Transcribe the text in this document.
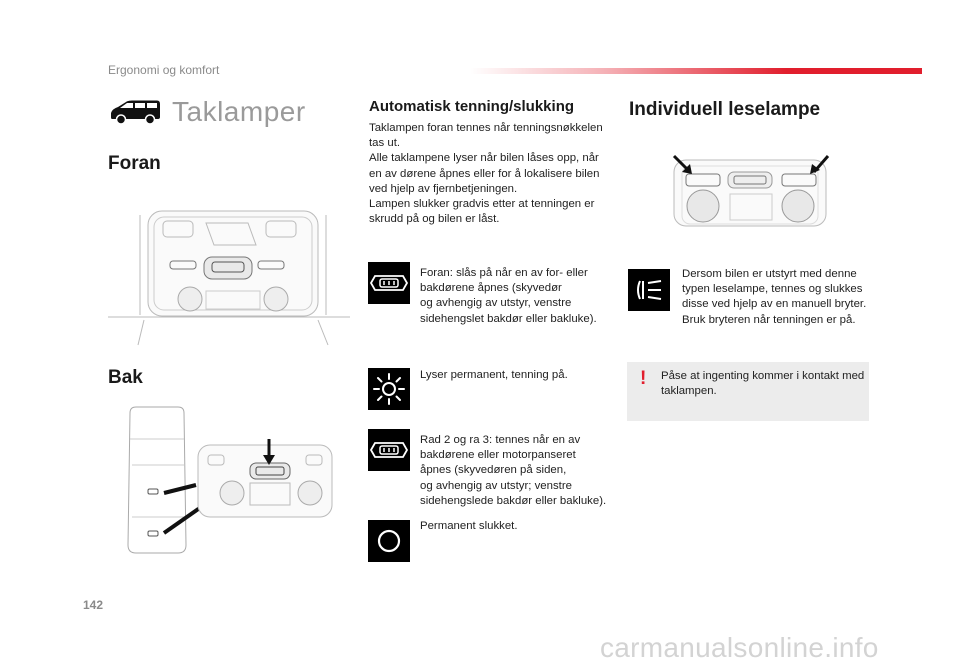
Ergonomi og komfort
Taklamper
Foran
Bak
Automatisk tenning/slukking
Taklampen foran tennes når tenningsnøkkelen
tas ut.
Alle taklampene lyser når bilen låses opp, når
en av dørene åpnes eller for å lokalisere bilen
ved hjelp av fjernbetjeningen.
Lampen slukker gradvis etter at tenningen er
skrudd på og bilen er låst.
Foran: slås på når en av for- eller
bakdørene åpnes (skyvedør
og avhengig av utstyr, venstre
sidehengslet bakdør eller bakluke).
Lyser permanent, tenning på.
Rad 2 og ra 3: tennes når en av
bakdørene eller motorpanseret
åpnes (skyvedøren på siden,
og avhengig av utstyr; venstre
sidehengslede bakdør eller bakluke).
Permanent slukket.
Individuell leselampe
Dersom bilen er utstyrt med denne
typen leselampe, tennes og slukkes
disse ved hjelp av en manuell bryter.
Bruk bryteren når tenningen er på.
! Påse at ingenting kommer i kontakt med
taklampen.
142
carmanualsonline.info
